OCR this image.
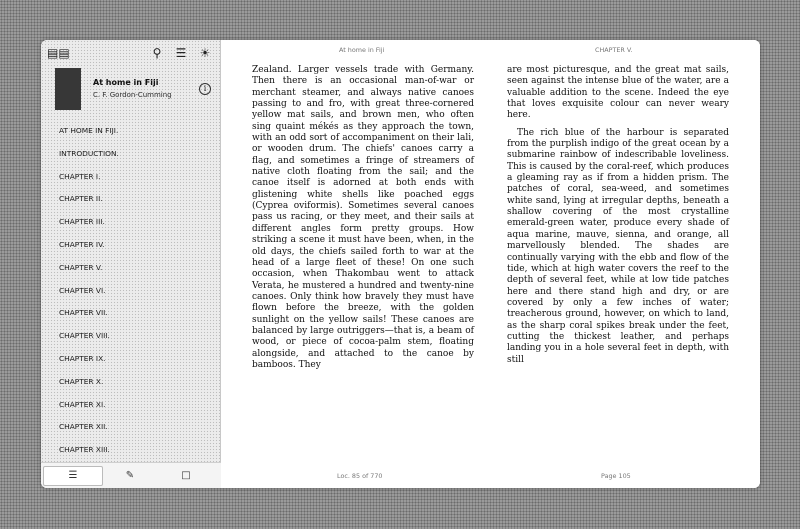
▤▤	⚲	☰ ☀
At home in Fiji
C. F. Gordon-Cumming
i
AT HOME IN FIJI.
INTRODUCTION.
CHAPTER I.
CHAPTER II.
CHAPTER III.
CHAPTER IV.
CHAPTER V.
CHAPTER VI.
CHAPTER VII.
CHAPTER VIII.
CHAPTER IX.
CHAPTER X.
CHAPTER XI.
CHAPTER XII.
CHAPTER XIII.
☰	✎	□
At home in Fiji	CHAPTER V.

Zealand. Larger vessels trade with Germany. Then there is an occasional man-of-war or merchant steamer, and always native canoes passing to and fro, with great three-cornered yellow mat sails, and brown men, who often sing quaint mékés as they approach the town, with an odd sort of accompaniment on their lali, or wooden drum. The chiefs' canoes carry a flag, and sometimes a fringe of streamers of native cloth floating from the sail; and the canoe itself is adorned at both ends with glistening white shells like poached eggs (Cyprea oviformis). Sometimes several canoes pass us racing, or they meet, and their sails at different angles form pretty groups. How striking a scene it must have been, when, in the old days, the chiefs sailed forth to war at the head of a large fleet of these! On one such occasion, when Thakombau went to attack Verata, he mustered a hundred and twenty-nine canoes. Only think how bravely they must have flown before the breeze, with the golden sunlight on the yellow sails! These canoes are balanced by large outriggers—that is, a beam of wood, or piece of cocoa-palm stem, floating alongside, and attached to the canoe by bamboos. They

are most picturesque, and the great mat sails, seen against the intense blue of the water, are a valuable addition to the scene. Indeed the eye that loves exquisite colour can never weary here.

The rich blue of the harbour is separated from the purplish indigo of the great ocean by a submarine rainbow of indescribable loveliness. This is caused by the coral-reef, which produces a gleaming ray as if from a hidden prism. The patches of coral, sea-weed, and sometimes white sand, lying at irregular depths, beneath a shallow covering of the most crystalline emerald-green water, produce every shade of aqua marine, mauve, sienna, and orange, all marvellously blended. The shades are continually varying with the ebb and flow of the tide, which at high water covers the reef to the depth of several feet, while at low tide patches here and there stand high and dry, or are covered by only a few inches of water; treacherous ground, however, on which to land, as the sharp coral spikes break under the feet, cutting the thickest leather, and perhaps landing you in a hole several feet in depth, with still

Loc. 85 of 770	Page 105
